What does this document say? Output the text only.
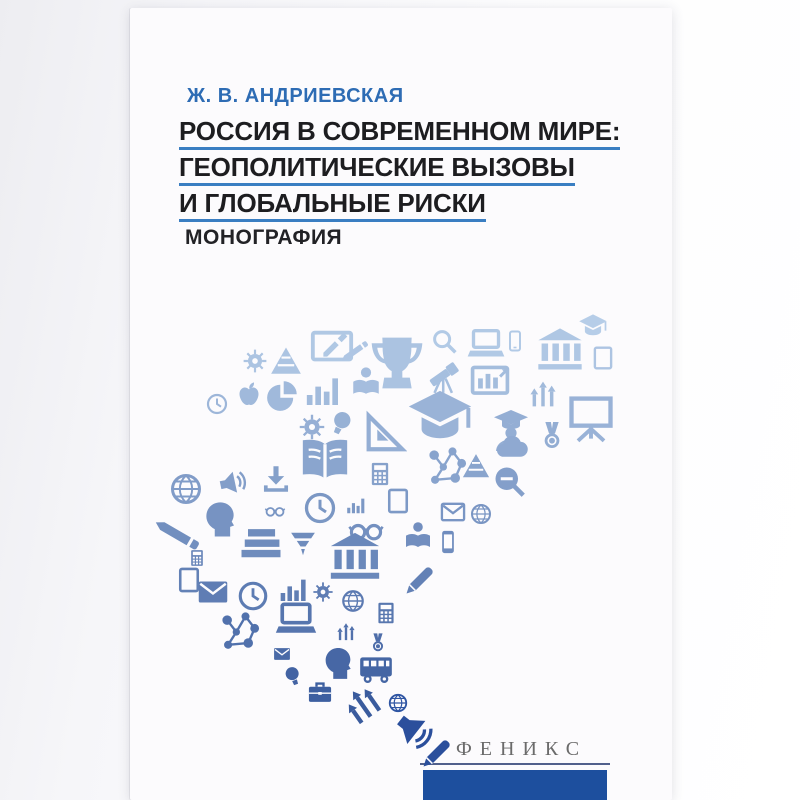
Ж. В. АНДРИЕВСКАЯ
РОССИЯ В СОВРЕМЕННОМ МИРЕ:
ГЕОПОЛИТИЧЕСКИЕ ВЫЗОВЫ
И ГЛОБАЛЬНЫЕ РИСКИ
МОНОГРАФИЯ
ФЕНИКС
